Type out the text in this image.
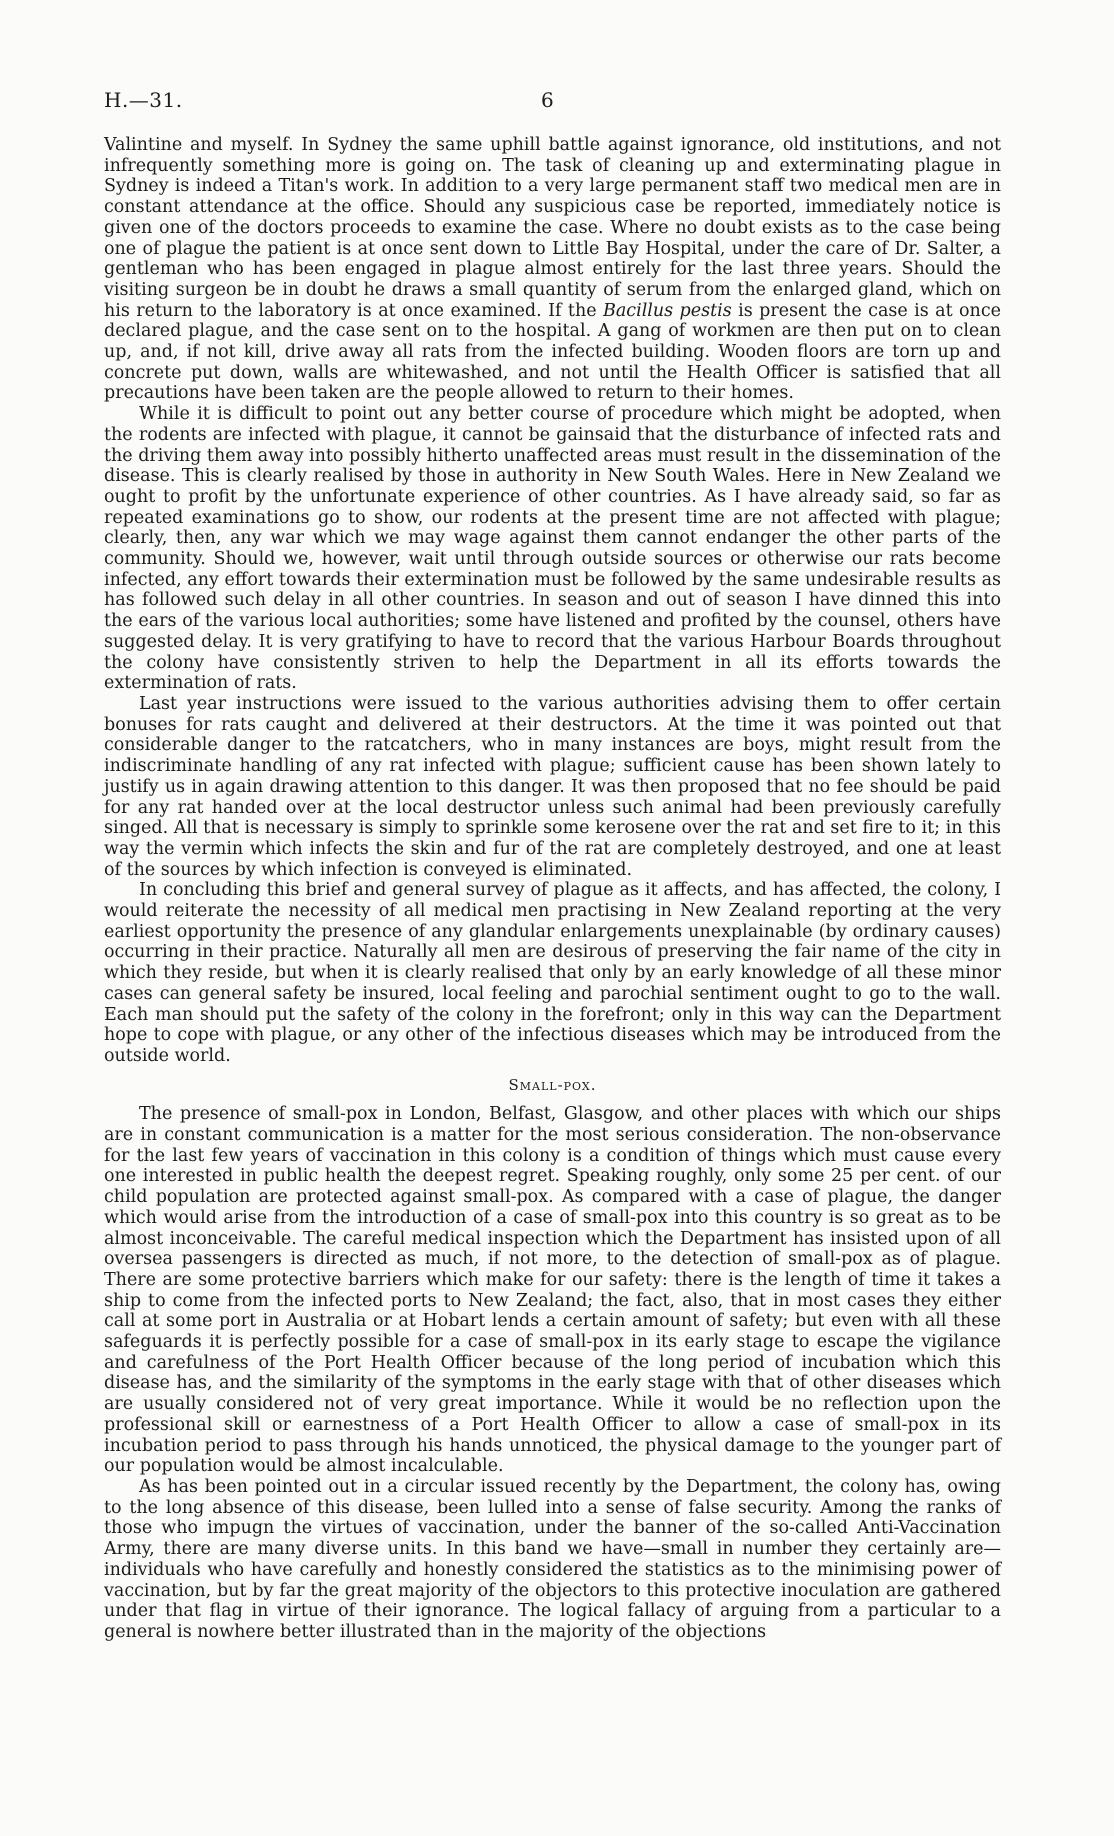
H.—31.	6

Valintine and myself. In Sydney the same uphill battle against ignorance, old institutions, and not infrequently something more is going on. The task of cleaning up and exterminating plague in Sydney is indeed a Titan's work. In addition to a very large permanent staff two medical men are in constant attendance at the office. Should any suspicious case be reported, immediately notice is given one of the doctors proceeds to examine the case. Where no doubt exists as to the case being one of plague the patient is at once sent down to Little Bay Hospital, under the care of Dr. Salter, a gentleman who has been engaged in plague almost entirely for the last three years. Should the visiting surgeon be in doubt he draws a small quantity of serum from the enlarged gland, which on his return to the laboratory is at once examined. If the Bacillus pestis is present the case is at once declared plague, and the case sent on to the hospital. A gang of workmen are then put on to clean up, and, if not kill, drive away all rats from the infected building. Wooden floors are torn up and concrete put down, walls are whitewashed, and not until the Health Officer is satisfied that all precautions have been taken are the people allowed to return to their homes.

While it is difficult to point out any better course of procedure which might be adopted, when the rodents are infected with plague, it cannot be gainsaid that the disturbance of infected rats and the driving them away into possibly hitherto unaffected areas must result in the dissemination of the disease. This is clearly realised by those in authority in New South Wales. Here in New Zealand we ought to profit by the unfortunate experience of other countries. As I have already said, so far as repeated examinations go to show, our rodents at the present time are not affected with plague; clearly, then, any war which we may wage against them cannot endanger the other parts of the community. Should we, however, wait until through outside sources or otherwise our rats become infected, any effort towards their extermination must be followed by the same undesirable results as has followed such delay in all other countries. In season and out of season I have dinned this into the ears of the various local authorities; some have listened and profited by the counsel, others have suggested delay. It is very gratifying to have to record that the various Harbour Boards throughout the colony have consistently striven to help the Department in all its efforts towards the extermination of rats.

Last year instructions were issued to the various authorities advising them to offer certain bonuses for rats caught and delivered at their destructors. At the time it was pointed out that considerable danger to the ratcatchers, who in many instances are boys, might result from the indiscriminate handling of any rat infected with plague; sufficient cause has been shown lately to justify us in again drawing attention to this danger. It was then proposed that no fee should be paid for any rat handed over at the local destructor unless such animal had been previously carefully singed. All that is necessary is simply to sprinkle some kerosene over the rat and set fire to it; in this way the vermin which infects the skin and fur of the rat are completely destroyed, and one at least of the sources by which infection is conveyed is eliminated.

In concluding this brief and general survey of plague as it affects, and has affected, the colony, I would reiterate the necessity of all medical men practising in New Zealand reporting at the very earliest opportunity the presence of any glandular enlargements unexplainable (by ordinary causes) occurring in their practice. Naturally all men are desirous of preserving the fair name of the city in which they reside, but when it is clearly realised that only by an early knowledge of all these minor cases can general safety be insured, local feeling and parochial sentiment ought to go to the wall. Each man should put the safety of the colony in the forefront; only in this way can the Department hope to cope with plague, or any other of the infectious diseases which may be introduced from the outside world.

Small-pox.

The presence of small-pox in London, Belfast, Glasgow, and other places with which our ships are in constant communication is a matter for the most serious consideration. The non-observance for the last few years of vaccination in this colony is a condition of things which must cause every one interested in public health the deepest regret. Speaking roughly, only some 25 per cent. of our child population are protected against small-pox. As compared with a case of plague, the danger which would arise from the introduction of a case of small-pox into this country is so great as to be almost inconceivable. The careful medical inspection which the Department has insisted upon of all oversea passengers is directed as much, if not more, to the detection of small-pox as of plague. There are some protective barriers which make for our safety: there is the length of time it takes a ship to come from the infected ports to New Zealand; the fact, also, that in most cases they either call at some port in Australia or at Hobart lends a certain amount of safety; but even with all these safeguards it is perfectly possible for a case of small-pox in its early stage to escape the vigilance and carefulness of the Port Health Officer because of the long period of incubation which this disease has, and the similarity of the symptoms in the early stage with that of other diseases which are usually considered not of very great importance. While it would be no reflection upon the professional skill or earnestness of a Port Health Officer to allow a case of small-pox in its incubation period to pass through his hands unnoticed, the physical damage to the younger part of our population would be almost incalculable.

As has been pointed out in a circular issued recently by the Department, the colony has, owing to the long absence of this disease, been lulled into a sense of false security. Among the ranks of those who impugn the virtues of vaccination, under the banner of the so-called Anti-Vaccination Army, there are many diverse units. In this band we have—small in number they certainly are—individuals who have carefully and honestly considered the statistics as to the minimising power of vaccination, but by far the great majority of the objectors to this protective inoculation are gathered under that flag in virtue of their ignorance. The logical fallacy of arguing from a particular to a general is nowhere better illustrated than in the majority of the objections
